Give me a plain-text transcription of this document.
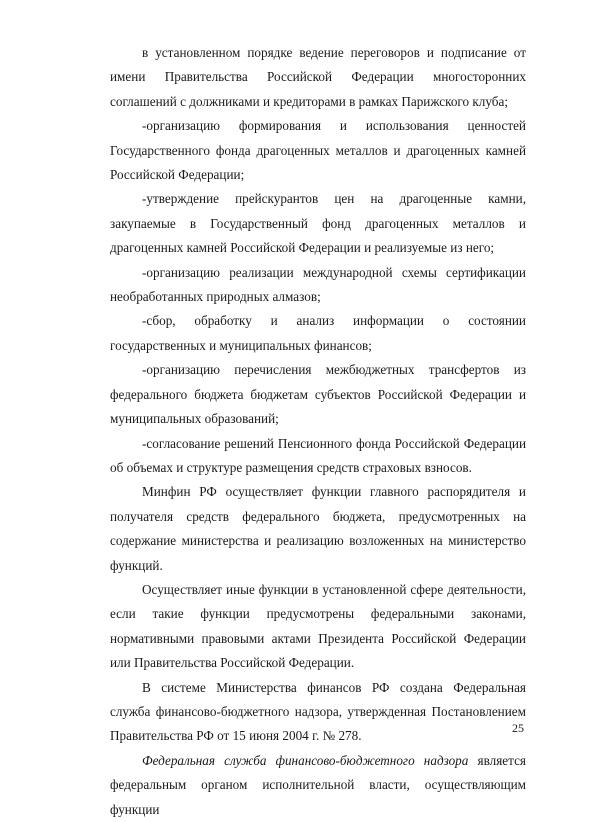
в установленном порядке ведение переговоров и подписание от имени Правительства Российской Федерации многосторонних соглашений с должниками и кредиторами в рамках Парижского клуба;

-организацию формирования и использования ценностей Государственного фонда драгоценных металлов и драгоценных камней Российской Федерации;

-утверждение прейскурантов цен на драгоценные камни, закупаемые в Государственный фонд драгоценных металлов и драгоценных камней Российской Федерации и реализуемые из него;

-организацию реализации международной схемы сертификации необработанных природных алмазов;

-сбор, обработку и анализ информации о состоянии государственных и муниципальных финансов;

-организацию перечисления межбюджетных трансфертов из федерального бюджета бюджетам субъектов Российской Федерации и муниципальных образований;

-согласование решений Пенсионного фонда Российской Федерации об объемах и структуре размещения средств страховых взносов.

Минфин РФ осуществляет функции главного распорядителя и получателя средств федерального бюджета, предусмотренных на содержание министерства и реализацию возложенных на министерство функций.

Осуществляет иные функции в установленной сфере деятельности, если такие функции предусмотрены федеральными законами, нормативными правовыми актами Президента Российской Федерации или Правительства Российской Федерации.

В системе Министерства финансов РФ создана Федеральная служба финансово-бюджетного надзора, утвержденная Постановлением Правительства РФ от 15 июня 2004 г. № 278.

Федеральная служба финансово-бюджетного надзора является федеральным органом исполнительной власти, осуществляющим функции

25
